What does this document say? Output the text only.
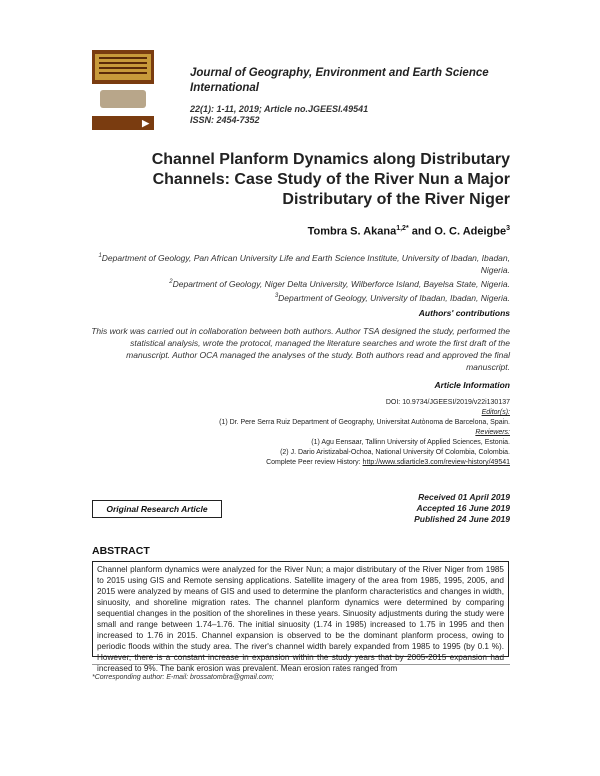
▶
Journal of Geography, Environment and Earth Science International
22(1): 1-11, 2019; Article no.JGEESI.49541
ISSN: 2454-7352
Channel Planform Dynamics along Distributary Channels: Case Study of the River Nun a Major Distributary of the River Niger
Tombra S. Akana$^{1,2*}$ and O. C. Adeigbe$^3$
$^1$Department of Geology, Pan African University Life and Earth Science Institute, University of Ibadan, Ibadan, Nigeria.
$^2$Department of Geology, Niger Delta University, Wilberforce Island, Bayelsa State, Nigeria.
$^3$Department of Geology, University of Ibadan, Ibadan, Nigeria.
Authors' contributions
This work was carried out in collaboration between both authors. Author TSA designed the study, performed the statistical analysis, wrote the protocol, managed the literature searches and wrote the first draft of the manuscript. Author OCA managed the analyses of the study. Both authors read and approved the final manuscript.
Article Information
DOI: 10.9734/JGEESI/2019/v22i130137
Editor(s):
(1) Dr. Pere Serra Ruiz Department of Geography, Universitat Autònoma de Barcelona, Spain.
Reviewers:
(1) Agu Eensaar, Tallinn University of Applied Sciences, Estonia.
(2) J. Dario Aristizabal-Ochoa, National University Of Colombia, Colombia.
Complete Peer review History: http://www.sdiarticle3.com/review-history/49541
Received 01 April 2019
Accepted 16 June 2019
Published 24 June 2019
Original Research Article
ABSTRACT
Channel planform dynamics were analyzed for the River Nun; a major distributary of the River Niger from 1985 to 2015 using GIS and Remote sensing applications. Satellite imagery of the area from 1985, 1995, 2005, and 2015 were analyzed by means of GIS and used to determine the planform characteristics and changes in width, sinuosity, and shoreline migration rates. The channel planform dynamics were determined by comparing sequential changes in the position of the shorelines in these years. Sinuosity adjustments during the study were small and range between 1.74–1.76. The initial sinuosity (1.74 in 1985) increased to 1.75 in 1995 and then increased to 1.76 in 2015. Channel expansion is observed to be the dominant planform process, owing to periodic floods within the study area. The river's channel width barely expanded from 1985 to 1995 (by 0.1 %). However, there is a constant increase in expansion within the study years that by 2005-2015 expansion had increased to 9%. The bank erosion was prevalent. Mean erosion rates ranged from
*Corresponding author: E-mail: brossatombra@gmail.com;
